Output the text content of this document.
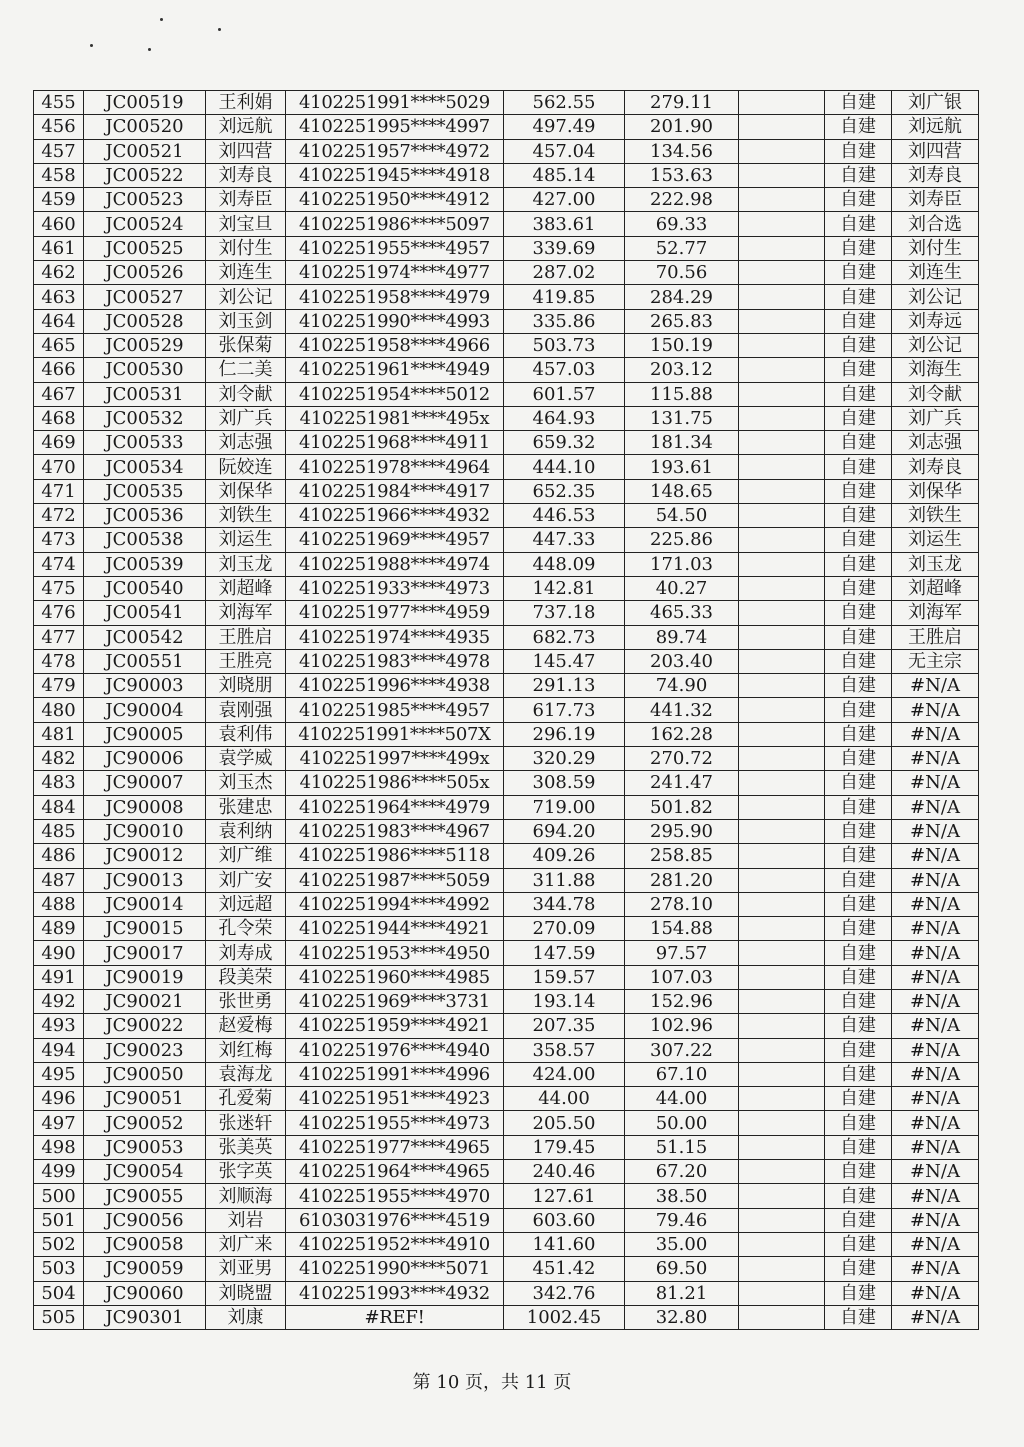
455	JC00519	王利娟	4102251991****5029	562.55	279.11		自建	刘广银
456	JC00520	刘远航	4102251995****4997	497.49	201.90		自建	刘远航
457	JC00521	刘四营	4102251957****4972	457.04	134.56		自建	刘四营
458	JC00522	刘寿良	4102251945****4918	485.14	153.63		自建	刘寿良
459	JC00523	刘寿臣	4102251950****4912	427.00	222.98		自建	刘寿臣
460	JC00524	刘宝旦	4102251986****5097	383.61	69.33		自建	刘合选
461	JC00525	刘付生	4102251955****4957	339.69	52.77		自建	刘付生
462	JC00526	刘连生	4102251974****4977	287.02	70.56		自建	刘连生
463	JC00527	刘公记	4102251958****4979	419.85	284.29		自建	刘公记
464	JC00528	刘玉剑	4102251990****4993	335.86	265.83		自建	刘寿远
465	JC00529	张保菊	4102251958****4966	503.73	150.19		自建	刘公记
466	JC00530	仁二美	4102251961****4949	457.03	203.12		自建	刘海生
467	JC00531	刘令献	4102251954****5012	601.57	115.88		自建	刘令献
468	JC00532	刘广兵	4102251981****495x	464.93	131.75		自建	刘广兵
469	JC00533	刘志强	4102251968****4911	659.32	181.34		自建	刘志强
470	JC00534	阮姣连	4102251978****4964	444.10	193.61		自建	刘寿良
471	JC00535	刘保华	4102251984****4917	652.35	148.65		自建	刘保华
472	JC00536	刘铁生	4102251966****4932	446.53	54.50		自建	刘铁生
473	JC00538	刘运生	4102251969****4957	447.33	225.86		自建	刘运生
474	JC00539	刘玉龙	4102251988****4974	448.09	171.03		自建	刘玉龙
475	JC00540	刘超峰	4102251933****4973	142.81	40.27		自建	刘超峰
476	JC00541	刘海军	4102251977****4959	737.18	465.33		自建	刘海军
477	JC00542	王胜启	4102251974****4935	682.73	89.74		自建	王胜启
478	JC00551	王胜亮	4102251983****4978	145.47	203.40		自建	无主宗
479	JC90003	刘晓朋	4102251996****4938	291.13	74.90		自建	#N/A
480	JC90004	袁刚强	4102251985****4957	617.73	441.32		自建	#N/A
481	JC90005	袁利伟	4102251991****507X	296.19	162.28		自建	#N/A
482	JC90006	袁学威	4102251997****499x	320.29	270.72		自建	#N/A
483	JC90007	刘玉杰	4102251986****505x	308.59	241.47		自建	#N/A
484	JC90008	张建忠	4102251964****4979	719.00	501.82		自建	#N/A
485	JC90010	袁利纳	4102251983****4967	694.20	295.90		自建	#N/A
486	JC90012	刘广维	4102251986****5118	409.26	258.85		自建	#N/A
487	JC90013	刘广安	4102251987****5059	311.88	281.20		自建	#N/A
488	JC90014	刘远超	4102251994****4992	344.78	278.10		自建	#N/A
489	JC90015	孔令荣	4102251944****4921	270.09	154.88		自建	#N/A
490	JC90017	刘寿成	4102251953****4950	147.59	97.57		自建	#N/A
491	JC90019	段美荣	4102251960****4985	159.57	107.03		自建	#N/A
492	JC90021	张世勇	4102251969****3731	193.14	152.96		自建	#N/A
493	JC90022	赵爱梅	4102251959****4921	207.35	102.96		自建	#N/A
494	JC90023	刘红梅	4102251976****4940	358.57	307.22		自建	#N/A
495	JC90050	袁海龙	4102251991****4996	424.00	67.10		自建	#N/A
496	JC90051	孔爱菊	4102251951****4923	44.00	44.00		自建	#N/A
497	JC90052	张迷轩	4102251955****4973	205.50	50.00		自建	#N/A
498	JC90053	张美英	4102251977****4965	179.45	51.15		自建	#N/A
499	JC90054	张字英	4102251964****4965	240.46	67.20		自建	#N/A
500	JC90055	刘顺海	4102251955****4970	127.61	38.50		自建	#N/A
501	JC90056	刘岩	6103031976****4519	603.60	79.46		自建	#N/A
502	JC90058	刘广来	4102251952****4910	141.60	35.00		自建	#N/A
503	JC90059	刘亚男	4102251990****5071	451.42	69.50		自建	#N/A
504	JC90060	刘晓盟	4102251993****4932	342.76	81.21		自建	#N/A
505	JC90301	刘康	#REF!	1002.45	32.80		自建	#N/A
第 10 页，共 11 页
